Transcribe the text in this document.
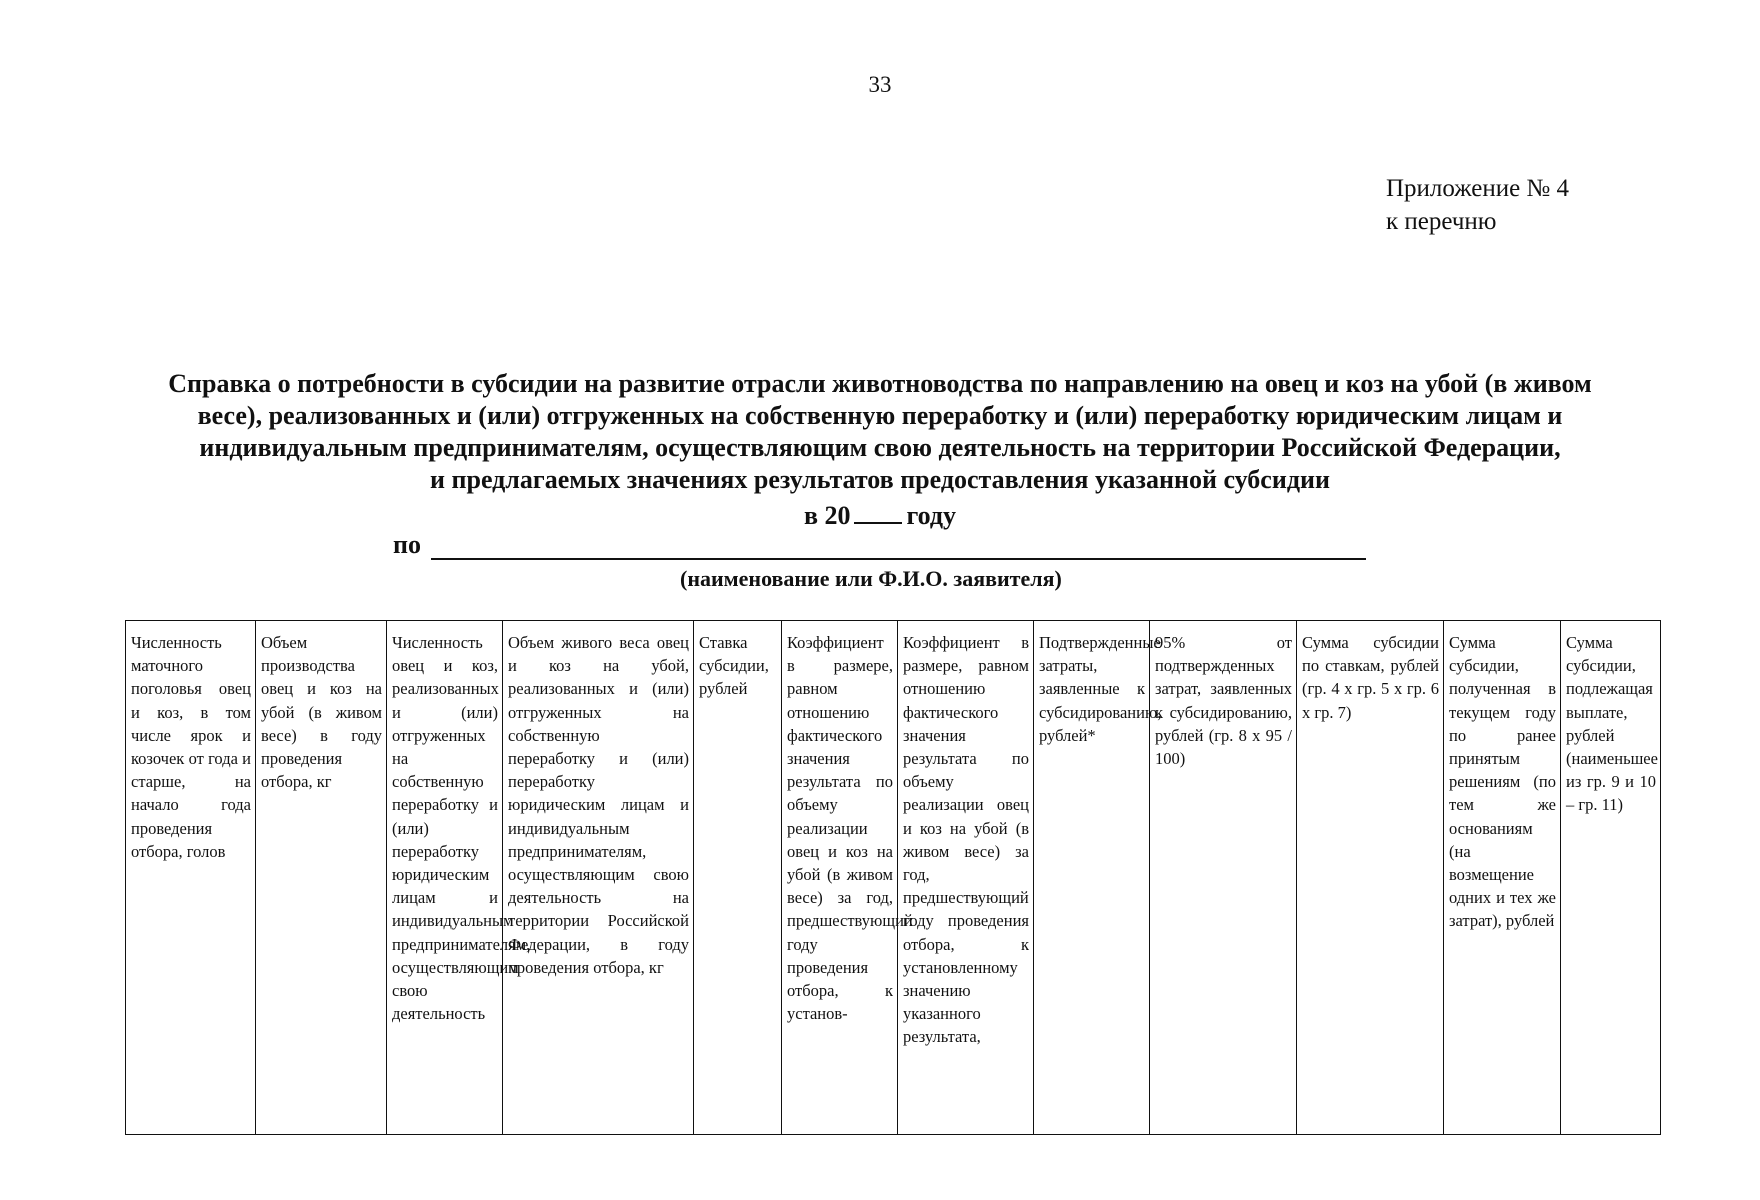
33
Приложение № 4
к перечню
Справка о потребности в субсидии на развитие отрасли животноводства по направлению на овец и коз на убой (в живом
весе), реализованных и (или) отгруженных на собственную переработку и (или) переработку юридическим лицам и
индивидуальным предпринимателям, осуществляющим свою деятельность на территории Российской Федерации,
и предлагаемых значениях результатов предоставления указанной субсидии
в 20 году
по
(наименование или Ф.И.О. заявителя)
Численность маточного поголовья овец и коз, в том числе ярок и козочек от года и старше, на начало года проведения отбора, голов	Объем производства овец и коз на убой (в живом весе) в году проведения отбора, кг	Численность овец и коз, реализованных и (или) отгруженных на собственную переработку и (или) переработку юридическим лицам и индивидуальным предпринимателям, осуществляющим свою деятельность	Объем живого веса овец и коз на убой, реализованных и (или) отгруженных на собственную переработку и (или) переработку юридическим лицам и индивидуальным предпринимателям, осуществляющим свою деятельность на территории Российской Федерации, в году проведения отбора, кг	Ставка субсидии, рублей	Коэффициент в размере, равном отношению фактического значения результата по объему реализации овец и коз на убой (в живом весе) за год, предшествующий году проведения отбора, к установ-	Коэффициент в размере, равном отношению фактического значения результата по объему реализации овец и коз на убой (в живом весе) за год, предшествующий году проведения отбора, к установленному значению указанного результата,	Подтвержденные затраты, заявленные к субсидированию, рублей*	95% от подтвержденных затрат, заявленных к субсидированию, рублей (гр. 8 х 95 / 100)	Сумма субсидии по ставкам, рублей (гр. 4 х гр. 5 х гр. 6 х гр. 7)	Сумма субсидии, полученная в текущем году по ранее принятым решениям (по тем же основаниям (на возмещение одних и тех же затрат), рублей	Сумма субсидии, подлежащая выплате, рублей (наименьшее из гр. 9 и 10 – гр. 11)
